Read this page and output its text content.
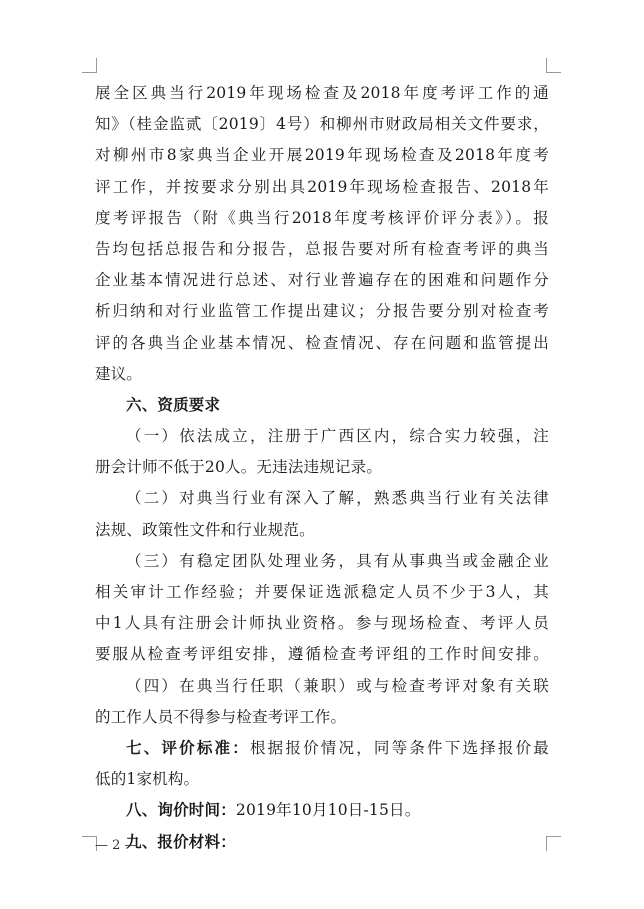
展全区典当行2019年现场检查及2018年度考评工作的通
知》（桂金监贰〔2019〕4号）和柳州市财政局相关文件要求，
对柳州市8家典当企业开展2019年现场检查及2018年度考
评工作，并按要求分别出具2019年现场检查报告、2018年
度考评报告（附《典当行2018年度考核评价评分表》）。报
告均包括总报告和分报告，总报告要对所有检查考评的典当
企业基本情况进行总述、对行业普遍存在的困难和问题作分
析归纳和对行业监管工作提出建议；分报告要分别对检查考
评的各典当企业基本情况、检查情况、存在问题和监管提出
建议。
六、资质要求
（一）依法成立，注册于广西区内，综合实力较强，注
册会计师不低于20人。无违法违规记录。
（二）对典当行业有深入了解，熟悉典当行业有关法律
法规、政策性文件和行业规范。
（三）有稳定团队处理业务，具有从事典当或金融企业
相关审计工作经验；并要保证选派稳定人员不少于3人，其
中1人具有注册会计师执业资格。参与现场检查、考评人员
要服从检查考评组安排，遵循检查考评组的工作时间安排。
（四）在典当行任职（兼职）或与检查考评对象有关联
的工作人员不得参与检查考评工作。
七、评价标准：根据报价情况，同等条件下选择报价最
低的1家机构。
八、询价时间：2019年10月10日-15日。
九、报价材料：
— 2 —
